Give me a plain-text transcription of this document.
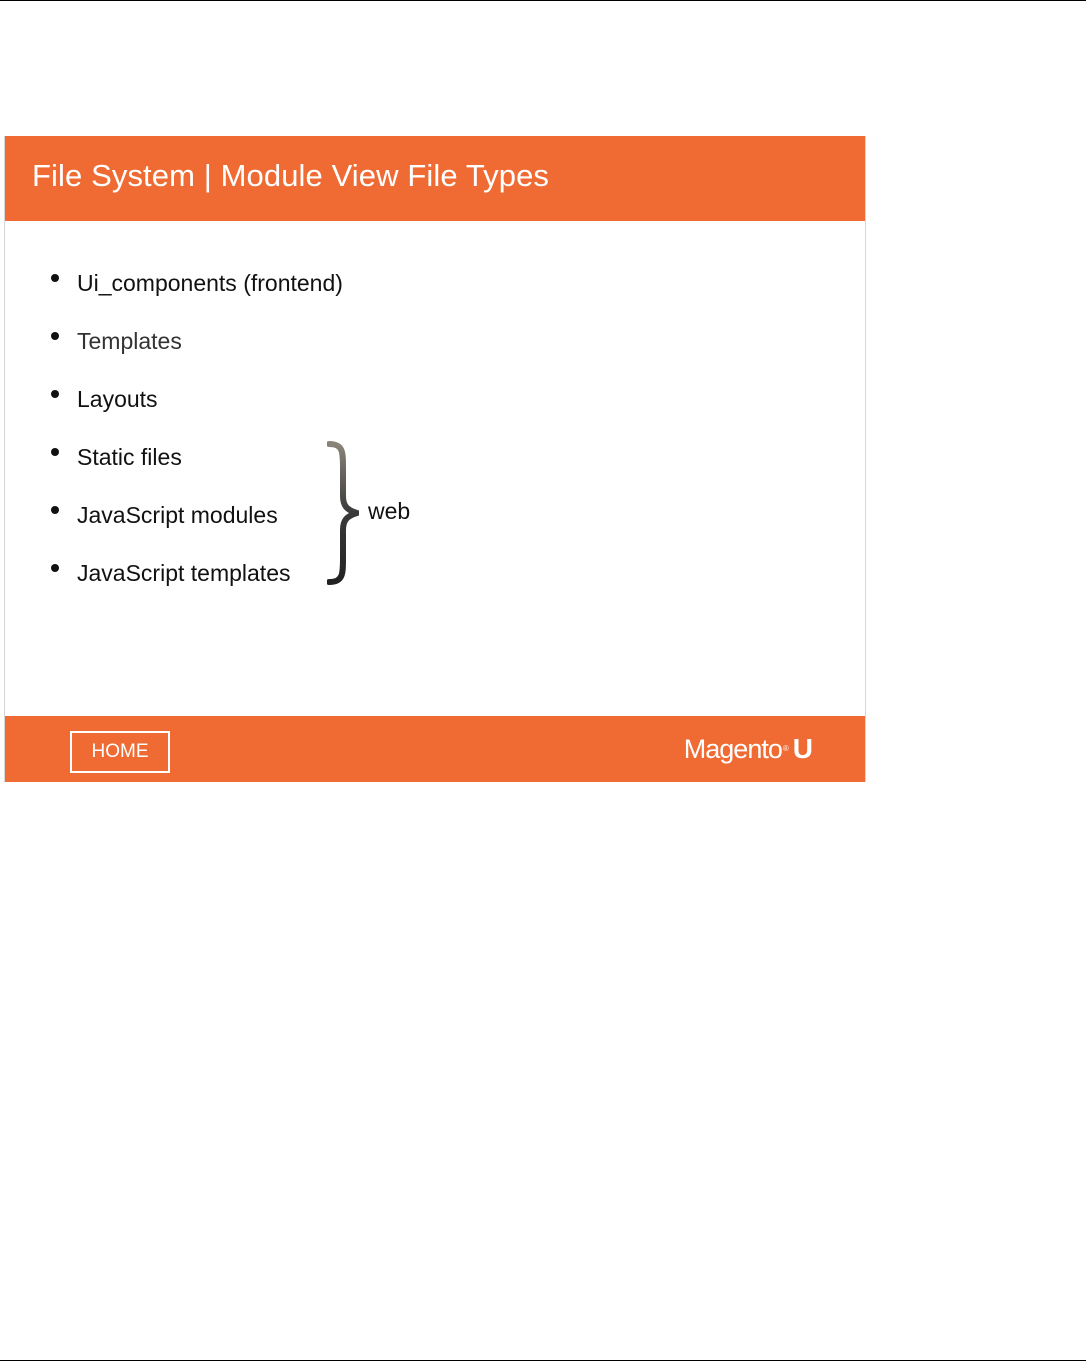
File System | Module View File Types
Ui_components (frontend)
Templates
Layouts
Static files
JavaScript modules
JavaScript templates
web
HOME	Magento® U
